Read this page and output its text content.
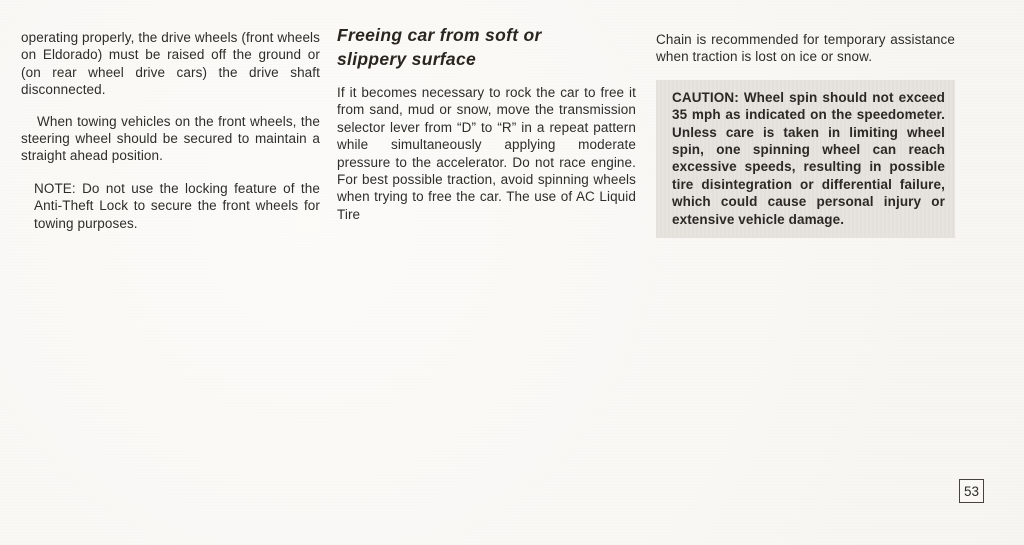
operating properly, the drive wheels (front wheels on Eldorado) must be raised off the ground or (on rear wheel drive cars) the drive shaft disconnected.

When towing vehicles on the front wheels, the steering wheel should be secured to maintain a straight ahead position.

NOTE: Do not use the locking feature of the Anti-Theft Lock to secure the front wheels for towing purposes.

Freeing car from soft or
slippery surface

If it becomes necessary to rock the car to free it from sand, mud or snow, move the transmission selector lever from “D” to “R” in a repeat pattern while simultaneously applying moderate pressure to the accelerator. Do not race engine. For best possible traction, avoid spinning wheels when trying to free the car. The use of AC Liquid Tire

Chain is recommended for temporary assistance when traction is lost on ice or snow.

CAUTION: Wheel spin should not exceed 35 mph as indicated on the speedometer. Unless care is taken in limiting wheel spin, one spinning wheel can reach excessive speeds, resulting in possible tire disintegration or differential failure, which could cause personal injury or extensive vehicle damage.
53
